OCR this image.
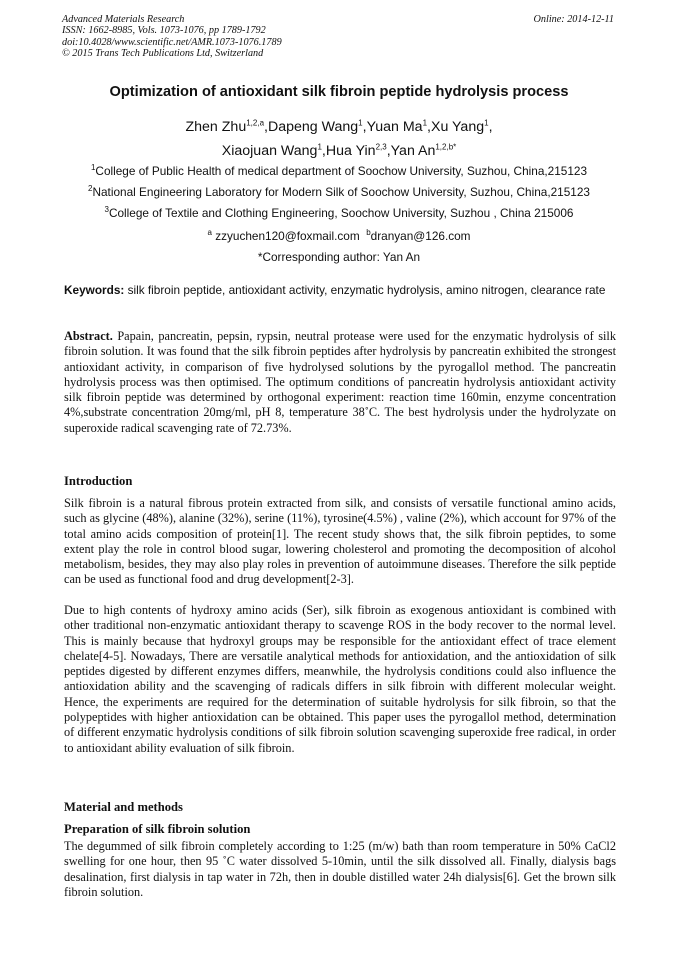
Advanced Materials Research
ISSN: 1662-8985, Vols. 1073-1076, pp 1789-1792
doi:10.4028/www.scientific.net/AMR.1073-1076.1789
© 2015 Trans Tech Publications Ltd, Switzerland
Online: 2014-12-11
Optimization of antioxidant silk fibroin peptide hydrolysis process
Zhen Zhu$^{1,2,a}$,Dapeng Wang$^1$,Yuan Ma$^1$,Xu Yang$^1$,
Xiaojuan Wang$^1$,Hua Yin$^{2,3}$,Yan $An^{1,2,b*}$
$^1$College of Public Health of medical department of Soochow University, Suzhou, China,215123
$^2$National Engineering Laboratory for Modern Silk of Soochow University, Suzhou, China,215123
$^3$College of Textile and Clothing Engineering, Soochow University, Suzhou , China 215006
$^a$ zzyuchen120@foxmail.com $^b$dranyan@126.com
*Corresponding author: Yan An
Keywords: silk fibroin peptide, antioxidant activity, enzymatic hydrolysis, amino nitrogen, clearance rate
Abstract. Papain, pancreatin, pepsin, rypsin, neutral protease were used for the enzymatic hydrolysis of silk fibroin solution. It was found that the silk fibroin peptides after hydrolysis by pancreatin exhibited the strongest antioxidant activity, in comparison of five hydrolysed solutions by the pyrogallol method. The pancreatin hydrolysis process was then optimised. The optimum conditions of pancreatin hydrolysis antioxidant activity silk fibroin peptide was determined by orthogonal experiment: reaction time 160min, enzyme concentration 4%,substrate concentration 20mg/ml, pH 8, temperature 38˚C. The best hydrolysis under the hydrolyzate on superoxide radical scavenging rate of 72.73%.
Introduction
Silk fibroin is a natural fibrous protein extracted from silk, and consists of versatile functional amino acids, such as glycine (48%), alanine (32%), serine (11%), tyrosine(4.5%) , valine (2%), which account for 97% of the total amino acids composition of protein[1]. The recent study shows that, the silk fibroin peptides, to some extent play the role in control blood sugar, lowering cholesterol and promoting the decomposition of alcohol metabolism, besides, they may also play roles in prevention of autoimmune diseases. Therefore the silk peptide can be used as functional food and drug development[2-3].
Due to high contents of hydroxy amino acids (Ser), silk fibroin as exogenous antioxidant is combined with other traditional non-enzymatic antioxidant therapy to scavenge ROS in the body recover to the normal level. This is mainly because that hydroxyl groups may be responsible for the antioxidant effect of trace element chelate[4-5]. Nowadays, There are versatile analytical methods for antioxidation, and the antioxidation of silk peptides digested by different enzymes differs, meanwhile, the hydrolysis conditions could also influence the antioxidation ability and the scavenging of radicals differs in silk fibroin with different molecular weight. Hence, the experiments are required for the determination of suitable hydrolysis for silk fibroin, so that the polypeptides with higher antioxidation can be obtained. This paper uses the pyrogallol method, determination of different enzymatic hydrolysis conditions of silk fibroin solution scavenging superoxide free radical, in order to antioxidant ability evaluation of silk fibroin.
Material and methods
Preparation of silk fibroin solution
The degummed of silk fibroin completely according to 1:25 (m/w) bath than room temperature in 50% CaCl2 swelling for one hour, then 95 ˚C water dissolved 5-10min, until the silk dissolved all. Finally, dialysis bags desalination, first dialysis in tap water in 72h, then in double distilled water 24h dialysis[6]. Get the brown silk fibroin solution.
